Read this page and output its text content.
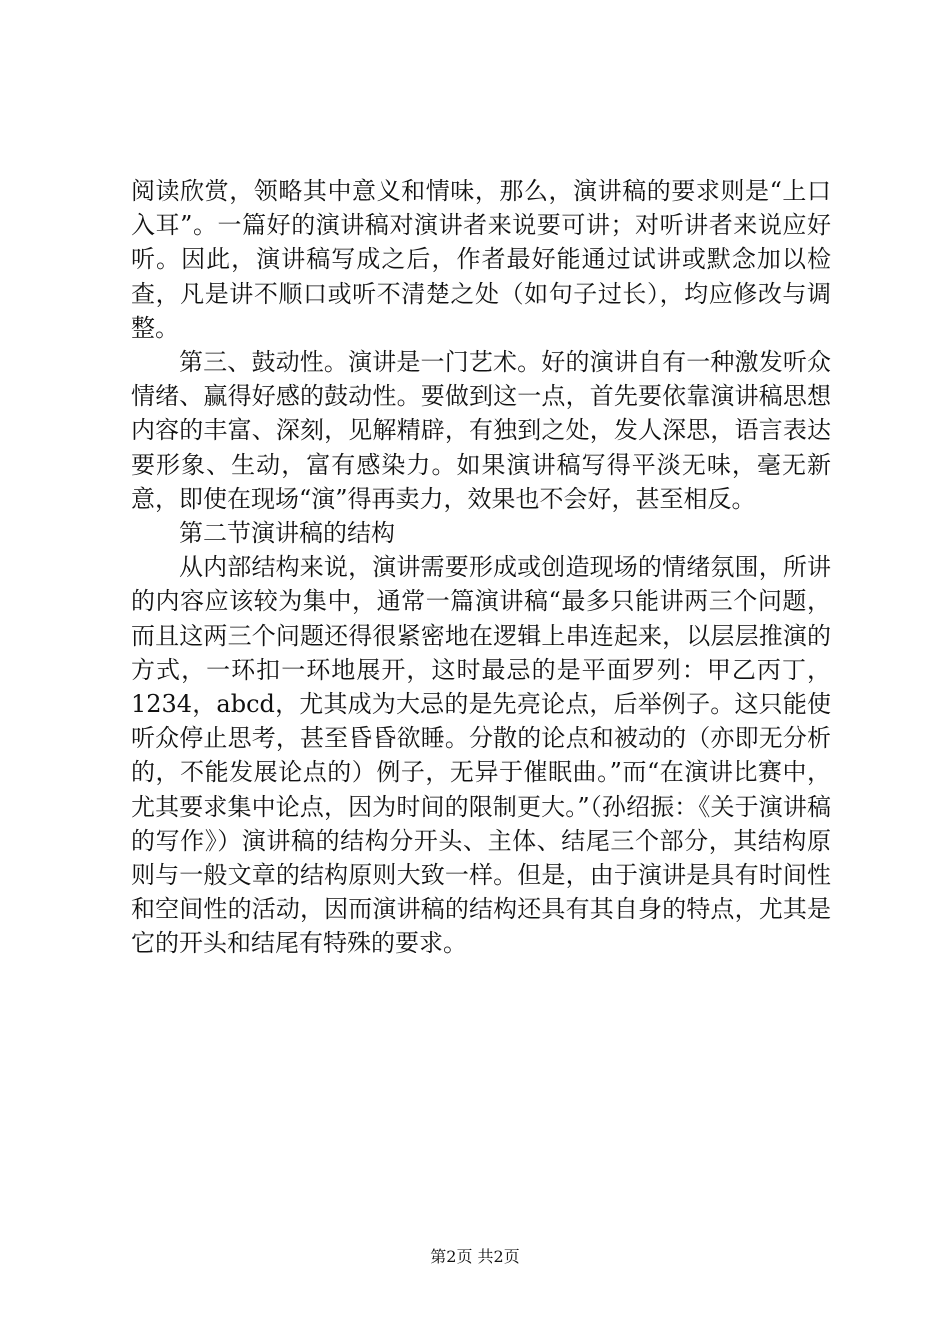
阅读欣赏，领略其中意义和情味，那么，演讲稿的要求则是“上口入耳”。一篇好的演讲稿对演讲者来说要可讲；对听讲者来说应好听。因此，演讲稿写成之后，作者最好能通过试讲或默念加以检查，凡是讲不顺口或听不清楚之处（如句子过长），均应修改与调整。

第三、鼓动性。演讲是一门艺术。好的演讲自有一种激发听众情绪、赢得好感的鼓动性。要做到这一点，首先要依靠演讲稿思想内容的丰富、深刻，见解精辟，有独到之处，发人深思，语言表达要形象、生动，富有感染力。如果演讲稿写得平淡无味，毫无新意，即使在现场“演”得再卖力，效果也不会好，甚至相反。

第二节演讲稿的结构

从内部结构来说，演讲需要形成或创造现场的情绪氛围，所讲的内容应该较为集中，通常一篇演讲稿“最多只能讲两三个问题，而且这两三个问题还得很紧密地在逻辑上串连起来，以层层推演的方式，一环扣一环地展开，这时最忌的是平面罗列：甲乙丙丁，1234，abcd，尤其成为大忌的是先亮论点，后举例子。这只能使听众停止思考，甚至昏昏欲睡。分散的论点和被动的（亦即无分析的，不能发展论点的）例子，无异于催眠曲。”而“在演讲比赛中，尤其要求集中论点，因为时间的限制更大。”（孙绍振：《关于演讲稿的写作》）演讲稿的结构分开头、主体、结尾三个部分，其结构原则与一般文章的结构原则大致一样。但是，由于演讲是具有时间性和空间性的活动，因而演讲稿的结构还具有其自身的特点，尤其是它的开头和结尾有特殊的要求。

第2页 共2页
